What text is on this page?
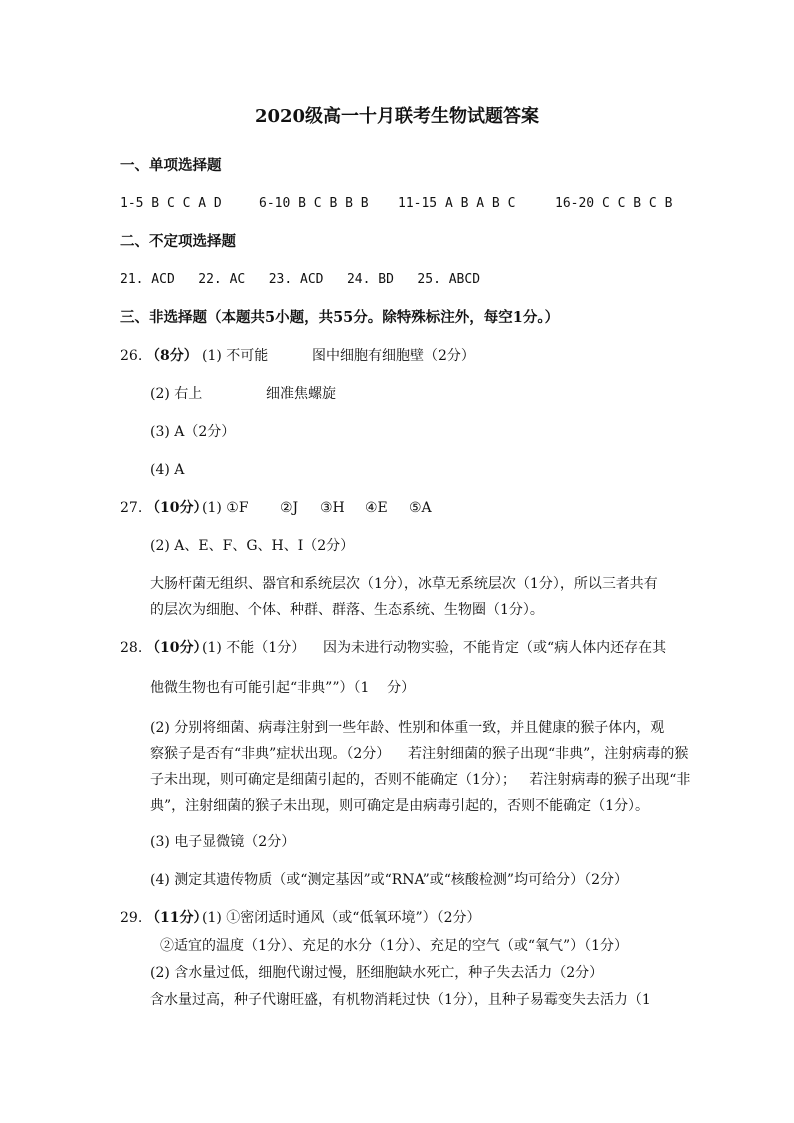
2020级高一十月联考生物试题答案
一、单项选择题
1-5 B C C A D	6-10 B C B B B 11-15 A B A B C	16-20 C C B C B
二、不定项选择题
21. ACD   22. AC   23. ACD   24. BD   25. ABCD
三、非选择题（本题共5小题，共55分。除特殊标注外，每空1分。）
26. （8分） (1) 不可能	图中细胞有细胞壁（2分）
(2) 右上	细准焦螺旋
(3) A（2分）
(4) A
27. （10分）
(1) ①F ②J ③H ④E ⑤A
(2) A、E、F、G、H、I（2分）
大肠杆菌无组织、器官和系统层次（1分），冰草无系统层次（1分），所以三者共有
的层次为细胞、个体、种群、群落、生态系统、生物圈（1分）。
28. （10分）
(1) 不能（1分）    因为未进行动物实验，不能肯定（或“病人体内还存在其
他微生物也有可能引起“非典””）（1    分）
(2) 分别将细菌、病毒注射到一些年龄、性别和体重一致，并且健康的猴子体内，观
察猴子是否有“非典”症状出现。（2分）    若注射细菌的猴子出现“非典”，注射病毒的猴
子未出现，则可确定是细菌引起的，否则不能确定（1分）；   若注射病毒的猴子出现“非
典”，注射细菌的猴子未出现，则可确定是由病毒引起的，否则不能确定（1分）。
(3) 电子显微镜（2分）
(4) 测定其遗传物质（或“测定基因”或“RNA”或“核酸检测”均可给分）（2分）
29. （11分）
(1) ①密闭适时通风（或“低氧环境”）（2分）
②适宜的温度（1分）、充足的水分（1分）、充足的空气（或“氧气”）（1分）
(2) 含水量过低，细胞代谢过慢，胚细胞缺水死亡，种子失去活力（2分）
含水量过高，种子代谢旺盛，有机物消耗过快（1分），且种子易霉变失去活力（1
